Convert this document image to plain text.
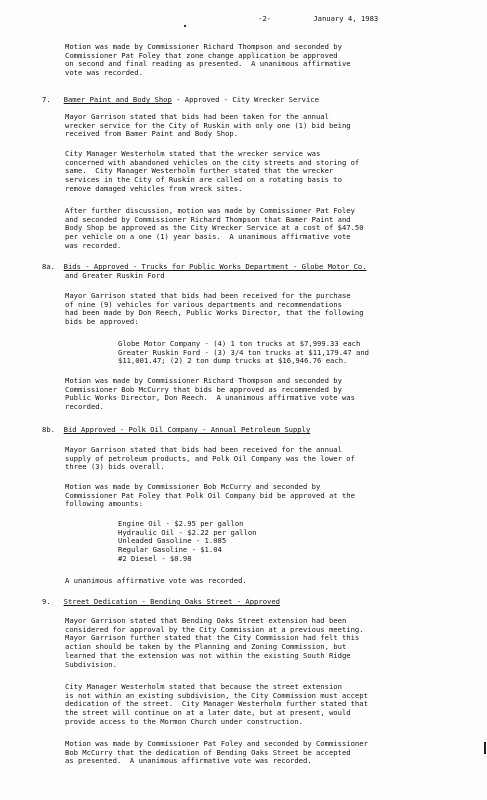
-2-	January 4, 1983
Motion was made by Commissioner Richard Thompson and seconded by
Commissioner Pat Foley that zone change application be approved
on second and final reading as presented.  A unanimous affirmative
vote was recorded.
7. Bamer Paint and Body Shop - Approved - City Wrecker Service
Mayor Garrison stated that bids had been taken for the annual
wrecker service for the City of Ruskin with only one (1) bid being
received from Bamer Paint and Body Shop.
City Manager Westerholm stated that the wrecker service was
concerned with abandoned vehicles on the city streets and storing of
same.  City Manager Westerholm further stated that the wrecker
services in the City of Ruskin are called on a rotating basis to
remove damaged vehicles from wreck sites.
After further discussion, motion was made by Commissioner Pat Foley
and seconded by Commissioner Richard Thompson that Bamer Paint and
Body Shop be approved as the City Wrecker Service at a cost of $47.50
per vehicle on a one (1) year basis.  A unanimous affirmative vote
was recorded.
8a. Bids - Approved - Trucks for Public Works Department - Globe Motor Co.
and Greater Ruskin Ford
Mayor Garrison stated that bids had been received for the purchase
of nine (9) vehicles for various departments and recommendations
had been made by Don Reech, Public Works Director, that the following
bids be approved:
Globe Motor Company - (4) 1 ton trucks at $7,999.33 each
Greater Ruskin Ford - (3) 3/4 ton trucks at $11,179.47 and
$11,001.47; (2) 2 ton dump trucks at $16,946.76 each.
Motion was made by Commissioner Richard Thompson and seconded by
Commissioner Bob McCurry that bids be approved as recommended by
Public Works Director, Don Reech.  A unanimous affirmative vote was
recorded.
8b. Bid Approved - Polk Oil Company - Annual Petroleum Supply
Mayor Garrison stated that bids had been received for the annual
supply of petroleum products, and Polk Oil Company was the lower of
three (3) bids overall.
Motion was made by Commissioner Bob McCurry and seconded by
Commissioner Pat Foley that Polk Oil Company bid be approved at the
following amounts:
Engine Oil - $2.95 per gallon
Hydraulic Oil - $2.22 per gallon
Unleaded Gasoline - 1.085
Regular Gasoline - $1.04
#2 Diesel - $0.98
A unanimous affirmative vote was recorded.
9. Street Dedication - Bending Oaks Street - Approved
Mayor Garrison stated that Bending Oaks Street extension had been
considered for approval by the City Commission at a previous meeting.
Mayor Garrison further stated that the City Commission had felt this
action should be taken by the Planning and Zoning Commission, but
learned that the extension was not within the existing South Ridge
Subdivision.
City Manager Westerholm stated that because the street extension
is not within an existing subdivision, the City Commission must accept
dedication of the street.  City Manager Westerholm further stated that
the street will continue on at a later date, but at present, would
provide access to the Mormon Church under construction.
Motion was made by Commissioner Pat Foley and seconded by Commissioner
Bob McCurry that the dedication of Bending Oaks Street be accepted
as presented.  A unanimous affirmative vote was recorded.
